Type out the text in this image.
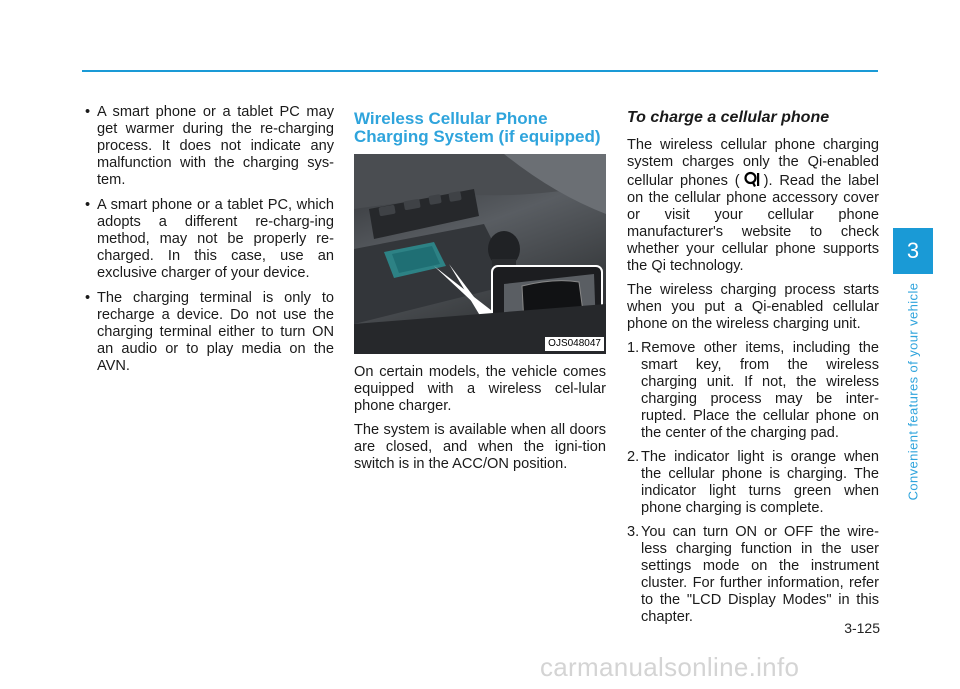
• A smart phone or a tablet PC may get warmer during the re-charging process. It does not indicate any malfunction with the charging sys-tem.
• A smart phone or a tablet PC, which adopts a different re-charg-ing method, may not be properly re-charged. In this case, use an exclusive charger of your device.
• The charging terminal is only to recharge a device. Do not use the charging terminal either to turn ON an audio or to play media on the AVN.
Wireless Cellular Phone Charging System (if equipped)
OJS048047

On certain models, the vehicle comes equipped with a wireless cel-lular phone charger.

The system is available when all doors are closed, and when the igni-tion switch is in the ACC/ON position.

To charge a cellular phone

The wireless cellular phone charging system charges only the Qi-enabled cellular phones ( ). Read the label on the cellular phone accessory cover or visit your cellular phone manufacturer's website to check whether your cellular phone supports the Qi technology.

The wireless charging process starts when you put a Qi-enabled cellular phone on the wireless charging unit.

1. Remove other items, including the smart key, from the wireless charging unit. If not, the wireless charging process may be inter-rupted. Place the cellular phone on the center of the charging pad.
2. The indicator light is orange when the cellular phone is charging. The indicator light turns green when phone charging is complete.
3. You can turn ON or OFF the wire-less charging function in the user settings mode on the instrument cluster. For further information, refer to the "LCD Display Modes" in this chapter.
3
Convenient features of your vehicle
3-125
carmanualsonline.info
